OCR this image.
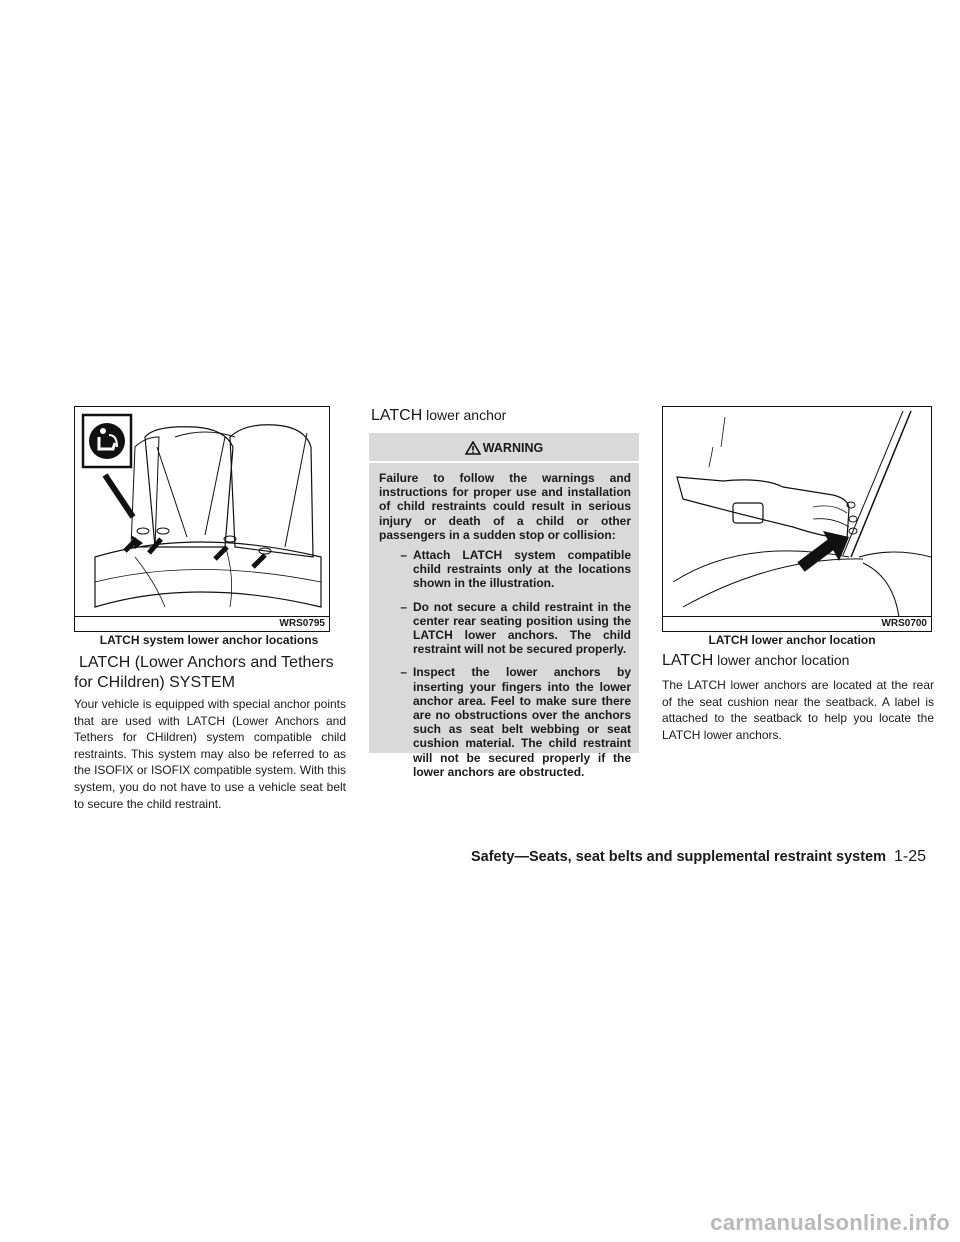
WRS0795
LATCH system lower anchor locations
LATCH (Lower Anchors and Tethers
for CHildren) SYSTEM
Your vehicle is equipped with special anchor points that are used with LATCH (Lower Anchors and Tethers for CHildren) system compatible child restraints. This system may also be referred to as the ISOFIX or ISOFIX compatible system. With this system, you do not have to use a vehicle seat belt to secure the child restraint.
LATCH lower anchor
WARNING

Failure to follow the warnings and instructions for proper use and installation of child restraints could result in serious injury or death of a child or other passengers in a sudden stop or collision:

– Attach LATCH system compatible child restraints only at the locations shown in the illustration.
– Do not secure a child restraint in the center rear seating position using the LATCH lower anchors. The child restraint will not be secured properly.
– Inspect the lower anchors by inserting your fingers into the lower anchor area. Feel to make sure there are no obstructions over the anchors such as seat belt webbing or seat cushion material. The child restraint will not be secured properly if the lower anchors are obstructed.
WRS0700
LATCH lower anchor location
LATCH lower anchor location
The LATCH lower anchors are located at the rear of the seat cushion near the seatback. A label is attached to the seatback to help you locate the LATCH lower anchors.
Safety—Seats, seat belts and supplemental restraint system 1-25
carmanualsonline.info
